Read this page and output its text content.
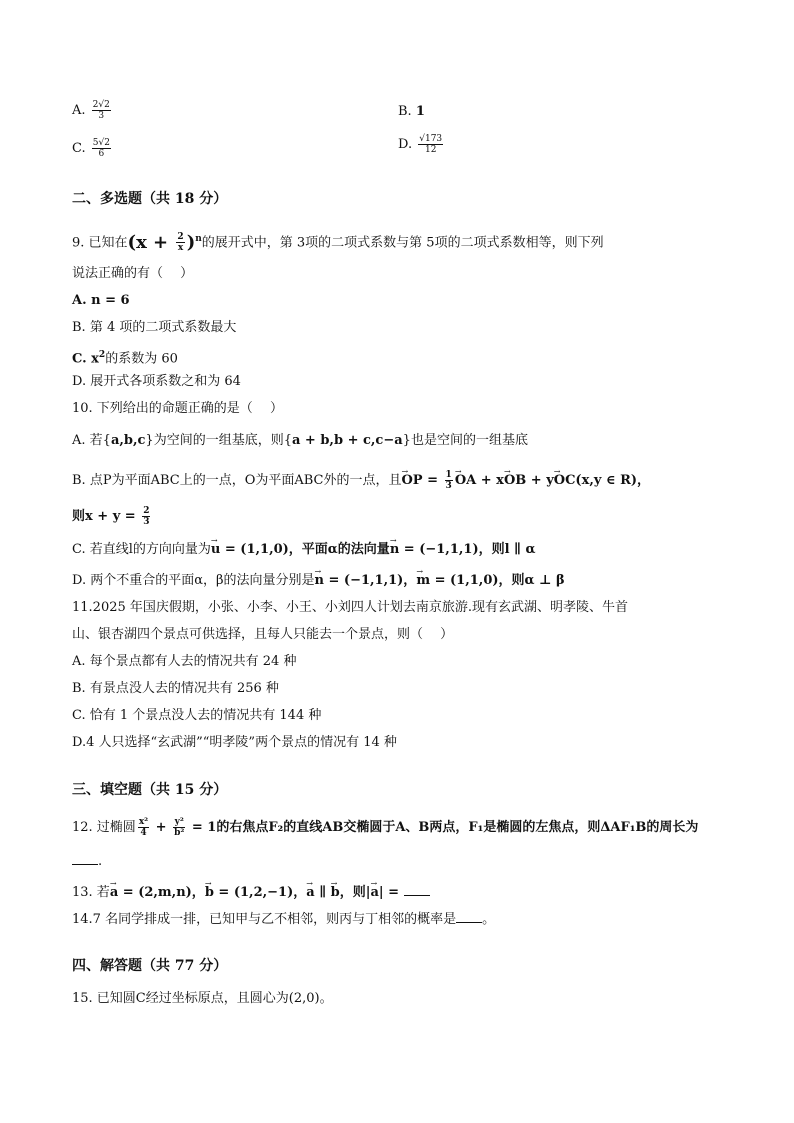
A. $\frac{2√2}{3}$	B. 1
C. $\frac{5√2}{6}$	D. $\frac{√173}{12}$
二、多选题（共 18 分）
9. 已知在$(x + \frac{2}{x} )^n$的展开式中，第 3项的二项式系数与第 5项的二项式系数相等，则下列
说法正确的有（　 ）
A. n = 6
B. 第 4 项的二项式系数最大
C. $x^2$的系数为 60
D. 展开式各项系数之和为 64
10. 下列给出的命题正确的是（　 ）
A. 若{a,b,c}为空间的一组基底，则{a + b,b + c,c−a}也是空间的一组基底
B. 点P为平面ABC上的一点，O为平面ABC外的一点，且→ OP = $\frac{1}{3}$
→ OA + x→ OB + y→ OC(x,y ∈ R)，
则$x + y = \frac{2}{3}$
C. 若直线l的方向向量为→ u = (1,1,0)，平面α的法向量→ n = (−1,1,1)，则l ∥ α
D. 两个不重合的平面α，β的法向量分别是→ n = (−1,1,1)，→ m = (1,1,0)，则α ⊥ β
11.2025 年国庆假期，小张、小李、小王、小刘四人计划去南京旅游.现有玄武湖、明孝陵、牛首
山、银杏湖四个景点可供选择，且每人只能去一个景点，则（　 ）
A. 每个景点都有人去的情况共有 24 种
B. 有景点没人去的情况共有 256 种
C. 恰有 1 个景点没人去的情况共有 144 种
D.4 人只选择“玄武湖”“明孝陵”两个景点的情况有 14 种
三、填空题（共 15 分）
12. 过椭圆 $\frac{\text{x²}}{4} + \frac{\text{y²}}{\text{b²}} = 1$的右焦点F₂的直线AB交椭圆于A、B两点，F₁是椭圆的左焦点，则ΔAF₁B的周长为
.
13. 若→ a = (2,m,n)，→ b = (1,2,−1)，→ a ∥ → b，则|→ a| =
14.7 名同学排成一排，已知甲与乙不相邻，则丙与丁相邻的概率是 。
四、解答题（共 77 分）
15. 已知圆C经过坐标原点，且圆心为(2,0)。
